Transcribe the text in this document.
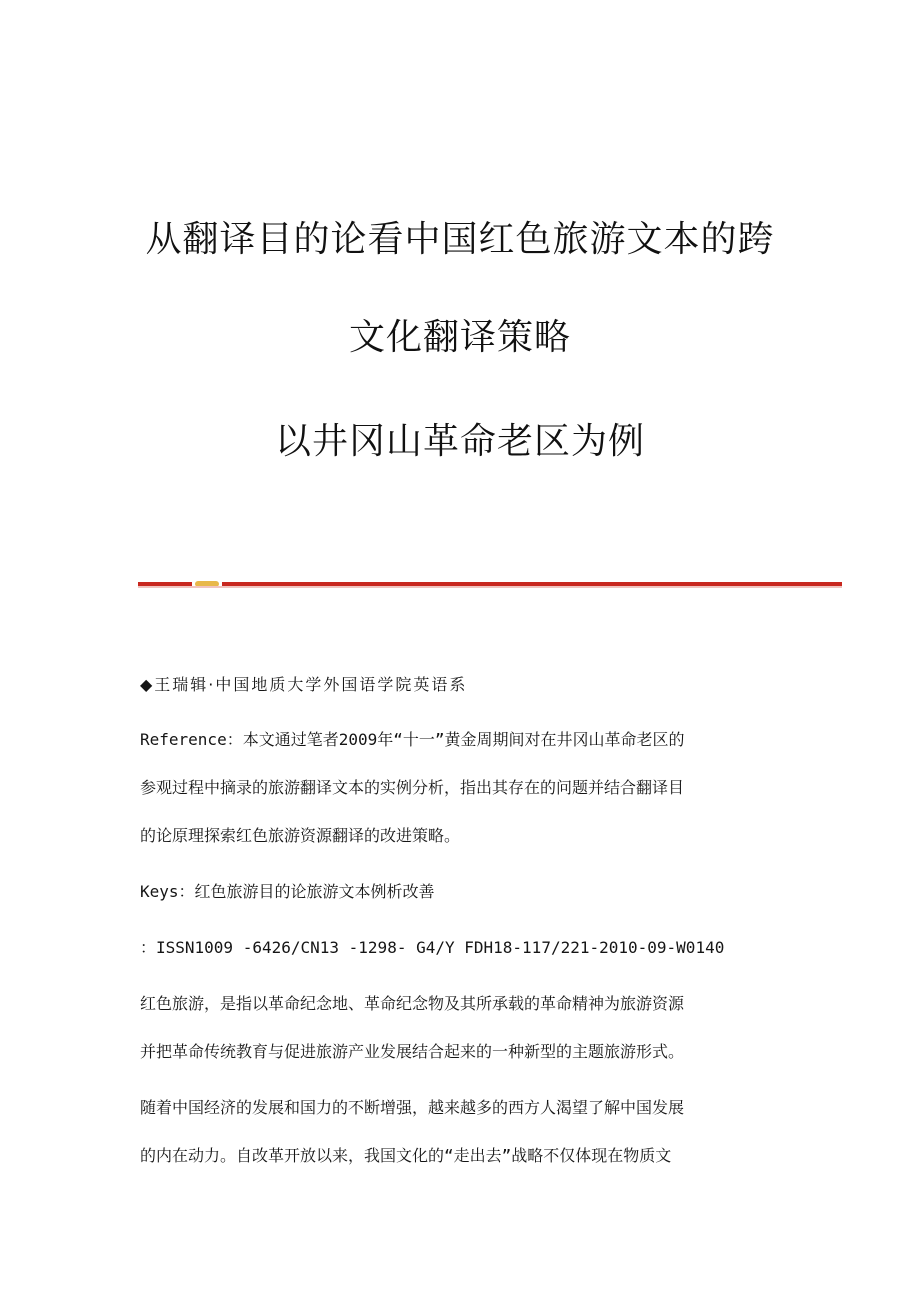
从翻译目的论看中国红色旅游文本的跨
文化翻译策略
以井冈山革命老区为例
◆王瑞辑·中国地质大学外国语学院英语系
Reference：本文通过笔者2009年“十一”黄金周期间对在井冈山革命老区的
参观过程中摘录的旅游翻译文本的实例分析，指出其存在的问题并结合翻译目
的论原理探索红色旅游资源翻译的改进策略。
Keys：红色旅游目的论旅游文本例析改善
：ISSN1009 -6426/CN13 -1298- G4/Y FDH18-117/221-2010-09-W0140
红色旅游，是指以革命纪念地、革命纪念物及其所承载的革命精神为旅游资源
并把革命传统教育与促进旅游产业发展结合起来的一种新型的主题旅游形式。
随着中国经济的发展和国力的不断增强，越来越多的西方人渴望了解中国发展
的内在动力。自改革开放以来，我国文化的“走出去”战略不仅体现在物质文
